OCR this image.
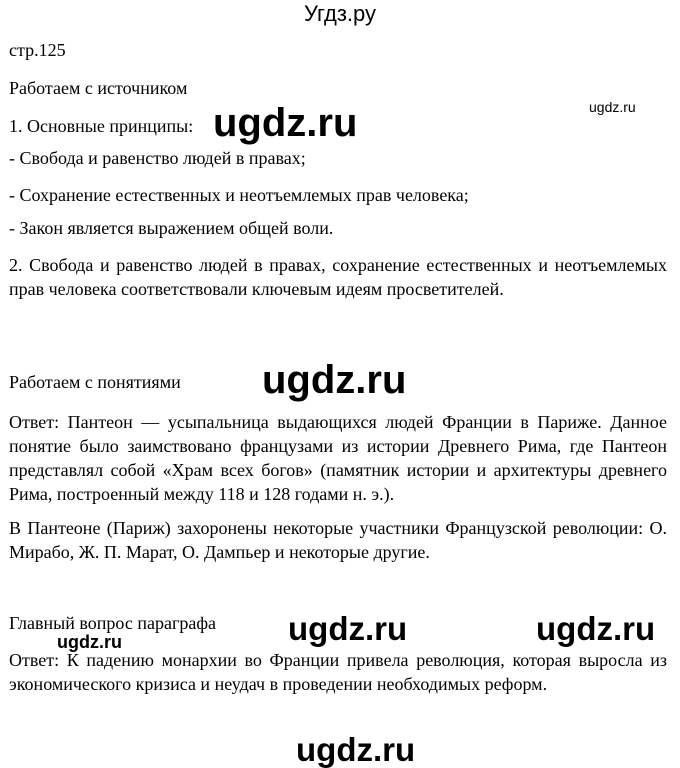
Угдз.ру
стр.125
Работаем с источником
1. Основные принципы:
- Свобода и равенство людей в правах;
- Сохранение естественных и неотъемлемых прав человека;
- Закон является выражением общей воли.
2. Свобода и равенство людей в правах, сохранение естественных и неотъемлемых прав человека соответствовали ключевым идеям просветителей.
Работаем с понятиями
Ответ: Пантеон — усыпальница выдающихся людей Франции в Париже. Данное понятие было заимствовано французами из истории Древнего Рима, где Пантеон представлял собой «Храм всех богов» (памятник истории и архитектуры древнего Рима, построенный между 118 и 128 годами н. э.).
В Пантеоне (Париж) захоронены некоторые участники Французской революции: О. Мирабо, Ж. П. Марат, О. Дампьер и некоторые другие.
Главный вопрос параграфа
Ответ: К падению монархии во Франции привела революция, которая выросла из экономического кризиса и неудач в проведении необходимых реформ.
ugdz.ru
ugdz.ru
ugdz.ru
ugdz.ru	ugdz.ru
ugdz.ru
ugdz.ru
